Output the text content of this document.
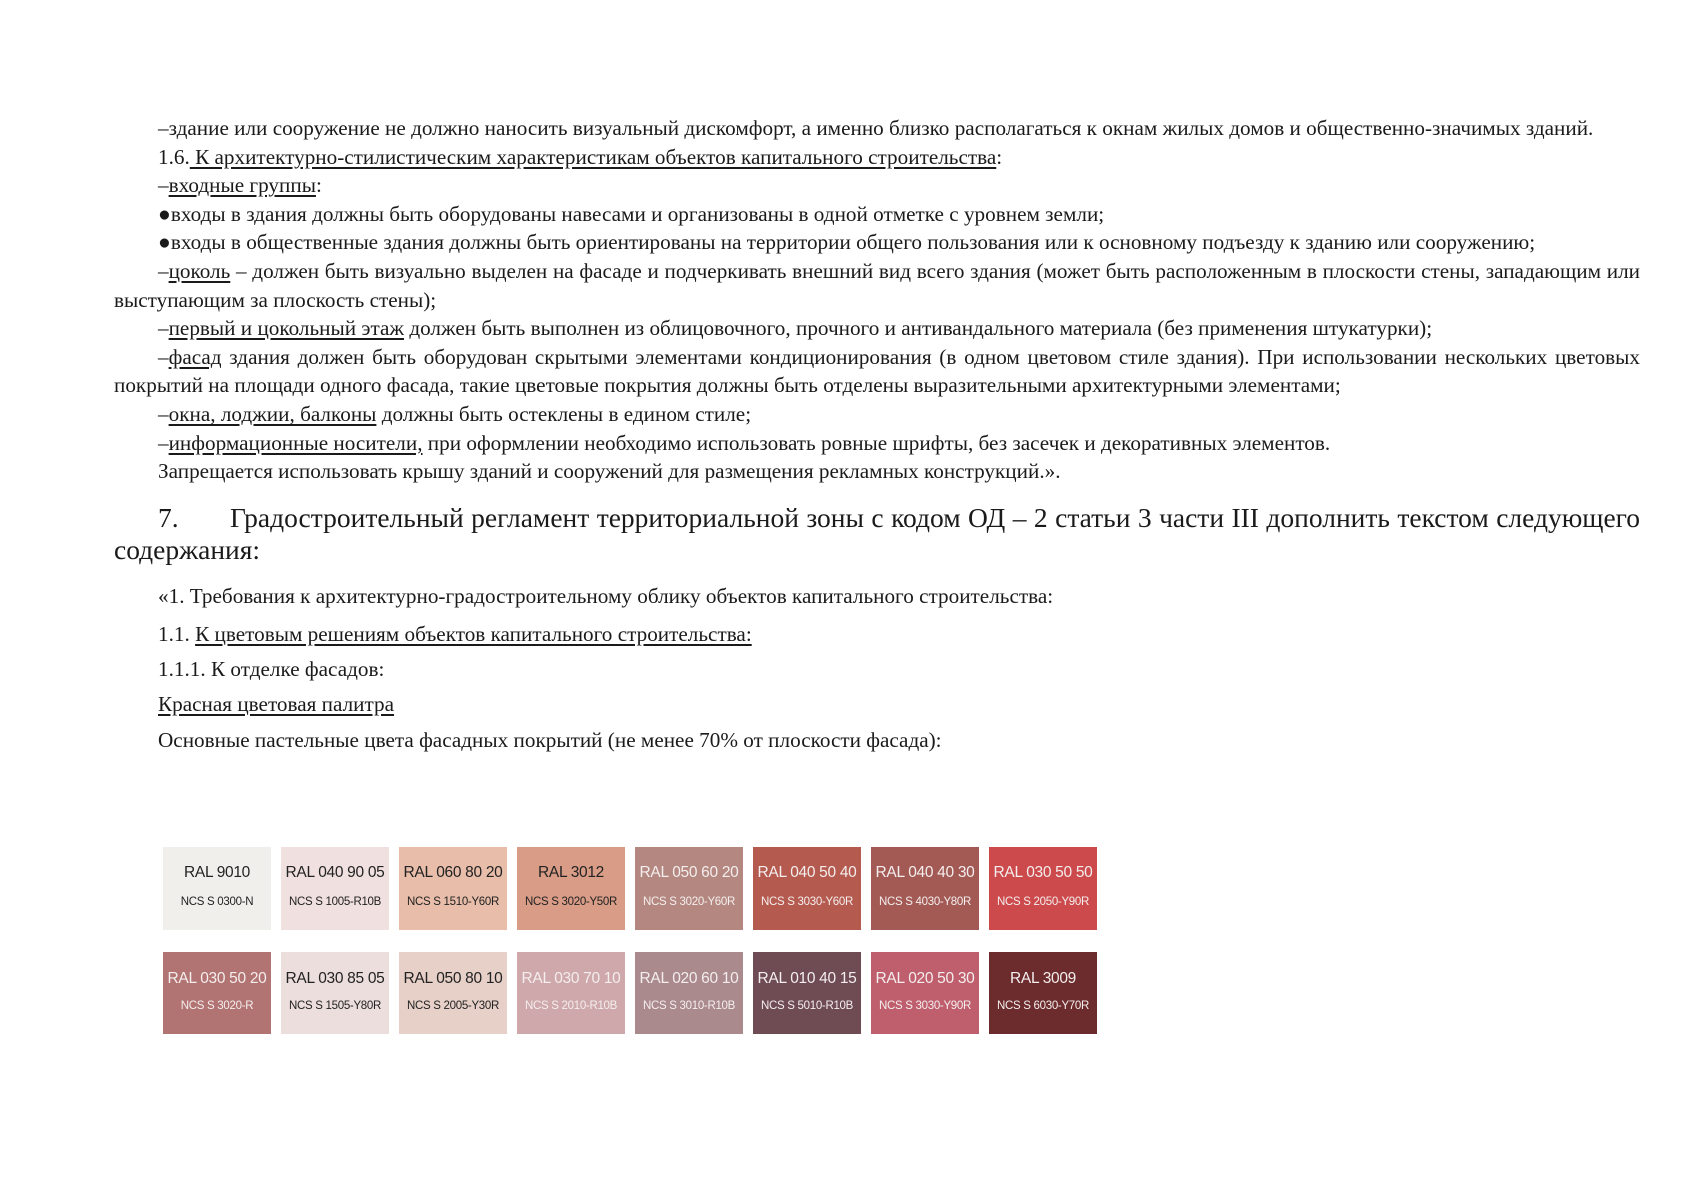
–здание или сооружение не должно наносить визуальный дискомфорт, а именно близко располагаться к окнам жилых домов и общественно-значимых зданий.

1.6. К архитектурно-стилистическим характеристикам объектов капитального строительства:

–входные группы:

●входы в здания должны быть оборудованы навесами и организованы в одной отметке с уровнем земли;

●входы в общественные здания должны быть ориентированы на территории общего пользования или к основному подъезду к зданию или сооружению;

–цоколь – должен быть визуально выделен на фасаде и подчеркивать внешний вид всего здания (может быть расположенным в плоскости стены, западающим или выступающим за плоскость стены);

–первый и цокольный этаж должен быть выполнен из облицовочного, прочного и антивандального материала (без применения штукатурки);

–фасад здания должен быть оборудован скрытыми элементами кондиционирования (в одном цветовом стиле здания). При использовании нескольких цветовых покрытий на площади одного фасада, такие цветовые покрытия должны быть отделены выразительными архитектурными элементами;

–окна, лоджии, балконы должны быть остеклены в едином стиле;

–информационные носители, при оформлении необходимо использовать ровные шрифты, без засечек и декоративных элементов.

Запрещается использовать крышу зданий и сооружений для размещения рекламных конструкций.».

7. Градостроительный регламент территориальной зоны с кодом ОД – 2 статьи 3 части III дополнить текстом следующего содержания:

«1. Требования к архитектурно-градостроительному облику объектов капитального строительства:

1.1. К цветовым решениям объектов капитального строительства:

1.1.1. К отделке фасадов:

Красная цветовая палитра

Основные пастельные цвета фасадных покрытий (не менее 70% от плоскости фасада):

RAL 9010
NCS S 0300-N
RAL 040 90 05
NCS S 1005-R10B
RAL 060 80 20
NCS S 1510-Y60R
RAL 3012
NCS S 3020-Y50R
RAL 050 60 20
NCS S 3020-Y60R
RAL 040 50 40
NCS S 3030-Y60R
RAL 040 40 30
NCS S 4030-Y80R
RAL 030 50 50
NCS S 2050-Y90R
RAL 030 50 20
NCS S 3020-R
RAL 030 85 05
NCS S 1505-Y80R
RAL 050 80 10
NCS S 2005-Y30R
RAL 030 70 10
NCS S 2010-R10B
RAL 020 60 10
NCS S 3010-R10B
RAL 010 40 15
NCS S 5010-R10B
RAL 020 50 30
NCS S 3030-Y90R
RAL 3009
NCS S 6030-Y70R
